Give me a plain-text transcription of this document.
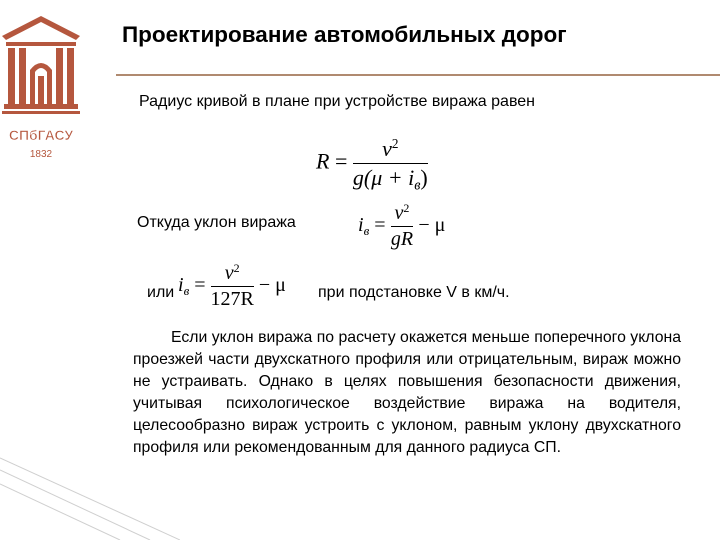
СПбГАСУ
1832
Проектирование автомобильных дорог
Радиус кривой в плане при устройстве виража равен
$R = \frac{v^2}{g(\mu + i_в)}$
Откуда уклон виража	$i_в = \frac{v^2}{gR} - \mu$
или $i_в = \frac{v^2}{127R} - \mu$ при подстановке V в км/ч.
Если уклон виража по расчету окажется меньше поперечного уклона проезжей части двухскатного профиля или отрицательным, вираж можно не устраивать. Однако в целях повышения безопасности движения, учитывая психологическое воздействие виража на водителя, целесообразно вираж устроить с уклоном, равным уклону двухскатного профиля или рекомендованным для данного радиуса СП.
